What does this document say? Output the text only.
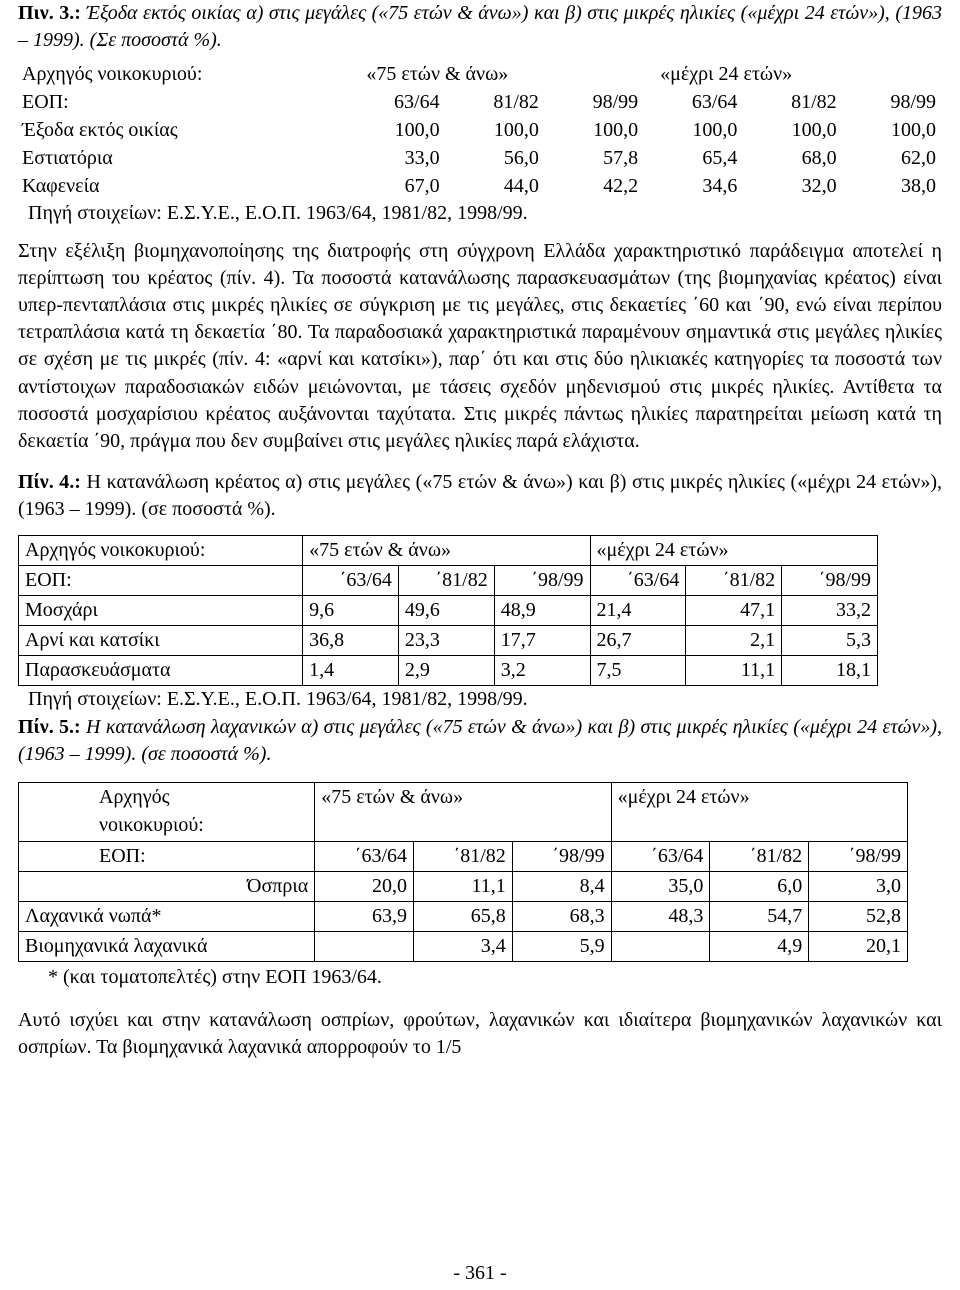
Πιν. 3.: Έξοδα εκτός οικίας α) στις μεγάλες («75 ετών & άνω») και β) στις μικρές ηλικίες («μέχρι 24 ετών»), (1963 – 1999). (Σε ποσοστά %).

Αρχηγός νοικοκυριού:	«75 ετών & άνω»			«μέχρι 24 ετών»		
ΕΟΠ:	63/64	81/82	98/99	63/64	81/82	98/99
Έξοδα εκτός οικίας	100,0	100,0	100,0	100,0	100,0	100,0
Εστιατόρια	33,0	56,0	57,8	65,4	68,0	62,0
Καφενεία	67,0	44,0	42,2	34,6	32,0	38,0

Πηγή στοιχείων: Ε.Σ.Υ.Ε., Ε.Ο.Π. 1963/64, 1981/82, 1998/99.

Στην εξέλιξη βιομηχανοποίησης της διατροφής στη σύγχρονη Ελλάδα χαρακτηριστικό παράδειγμα αποτελεί η περίπτωση του κρέατος (πίν. 4). Τα ποσοστά κατανάλωσης παρασκευασμάτων (της βιομηχανίας κρέατος) είναι υπερ-πενταπλάσια στις μικρές ηλικίες σε σύγκριση με τις μεγάλες, στις δεκαετίες ΄60 και ΄90, ενώ είναι περίπου τετραπλάσια κατά τη δεκαετία ΄80. Τα παραδοσιακά χαρακτηριστικά παραμένουν σημαντικά στις μεγάλες ηλικίες σε σχέση με τις μικρές (πίν. 4: «αρνί και κατσίκι»), παρ΄ ότι και στις δύο ηλικιακές κατηγορίες τα ποσοστά των αντίστοιχων παραδοσιακών ειδών μειώνονται, με τάσεις σχεδόν μηδενισμού στις μικρές ηλικίες. Αντίθετα τα ποσοστά μοσχαρίσιου κρέατος αυξάνονται ταχύτατα. Στις μικρές πάντως ηλικίες παρατηρείται μείωση κατά τη δεκαετία ΄90, πράγμα που δεν συμβαίνει στις μεγάλες ηλικίες παρά ελάχιστα.

Πίν. 4.: Η κατανάλωση κρέατος α) στις μεγάλες («75 ετών & άνω») και β) στις μικρές ηλικίες («μέχρι 24 ετών»), (1963 – 1999). (σε ποσοστά %).

Αρχηγός νοικοκυριού:	«75 ετών & άνω»			«μέχρι 24 ετών»		
ΕΟΠ:	΄63/64	΄81/82	΄98/99	΄63/64	΄81/82	΄98/99
Μοσχάρι	9,6	49,6	48,9	21,4	47,1	33,2
Αρνί και κατσίκι	36,8	23,3	17,7	26,7	2,1	5,3
Παρασκευάσματα	1,4	2,9	3,2	7,5	11,1	18,1

Πηγή στοιχείων: Ε.Σ.Υ.Ε., Ε.Ο.Π. 1963/64, 1981/82, 1998/99.

Πίν. 5.: Η κατανάλωση λαχανικών α) στις μεγάλες («75 ετών & άνω») και β) στις μικρές ηλικίες («μέχρι 24 ετών»), (1963 – 1999). (σε ποσοστά %).

Αρχηγός
νοικοκυριού:	«75 ετών & άνω»			«μέχρι 24 ετών»		
ΕΟΠ:	΄63/64	΄81/82	΄98/99	΄63/64	΄81/82	΄98/99
Όσπρια	20,0	11,1	8,4	35,0	6,0	3,0
Λαχανικά νωπά*	63,9	65,8	68,3	48,3	54,7	52,8
Βιομηχανικά λαχανικά		3,4	5,9		4,9	20,1

* (και τοματοπελτές) στην ΕΟΠ 1963/64.

Αυτό ισχύει και στην κατανάλωση οσπρίων, φρούτων, λαχανικών και ιδιαίτερα βιομηχανικών λαχανικών και οσπρίων. Τα βιομηχανικά λαχανικά απορροφούν το 1/5

- 361 -
